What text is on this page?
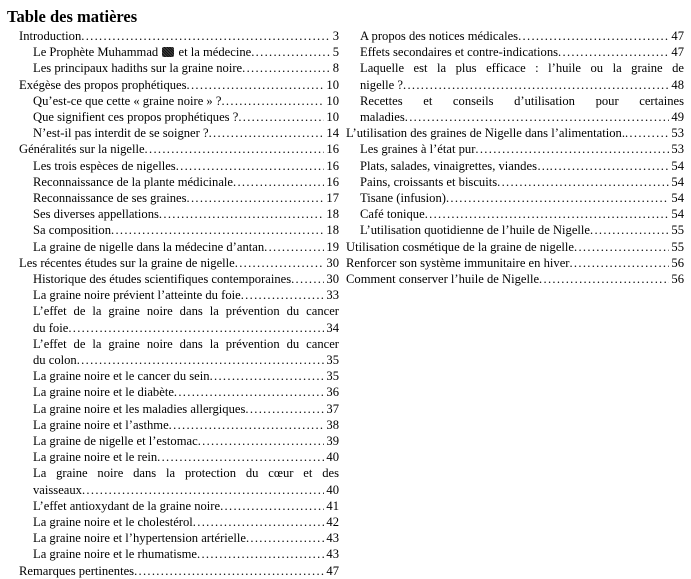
Table des matières
Introduction .....	3
Le Prophète Muhammad  et la médecine .....	5
Les principaux hadiths sur la graine noire .....	8
Exégèse des propos prophétiques .....	10
Qu’est-ce que cette « graine noire » ? .....	10
Que signifient ces propos prophétiques ? .....	10
N’est-il pas interdit de se soigner ? .....	14
Généralités sur la nigelle .....	16
Les trois espèces de nigelles .....	16
Reconnaissance de la plante médicinale .....	16
Reconnaissance de ses graines .....	17
Ses diverses appellations .....	18
Sa composition .....	18
La graine de nigelle dans la médecine d’antan .....	19
Les récentes études sur la graine de nigelle .....	30
Historique des études scientifiques contemporaines .....	30
La graine noire prévient l’atteinte du foie .....	33
L’effet de la graine noire dans la prévention du cancer
du foie .....	34
L’effet de la graine noire dans la prévention du cancer
du colon .....	35
La graine noire et le cancer du sein .....	35
La graine noire et le diabète .....	36
La graine noire et les maladies allergiques .....	37
La graine noire et l’asthme .....	38
La graine de nigelle et l’estomac .....	39
La graine noire et le rein .....	40
La graine noire dans la protection du cœur et des
vaisseaux .....	40
L’effet antioxydant de la graine noire .....	41
La graine noire et le cholestérol .....	42
La graine noire et l’hypertension artérielle .....	43
La graine noire et le rhumatisme .....	43
Remarques pertinentes .....	47
A propos des notices médicales .....	47
Effets secondaires et contre-indications .....	47
Laquelle est la plus efficace : l’huile ou la graine de
nigelle ? .....	48
Recettes et conseils d’utilisation pour certaines
maladies .....	49
L’utilisation des graines de Nigelle dans l’alimentation. .....	53
Les graines à l’état pur .....	53
Plats, salades, vinaigrettes, viandes… .....	54
Pains, croissants et biscuits .....	54
Tisane (infusion) .....	54
Café tonique .....	54
L’utilisation quotidienne de l’huile de Nigelle .....	55
Utilisation cosmétique de la graine de nigelle .....	55
Renforcer son système immunitaire en hiver .....	56
Comment conserver l’huile de Nigelle .....	56
